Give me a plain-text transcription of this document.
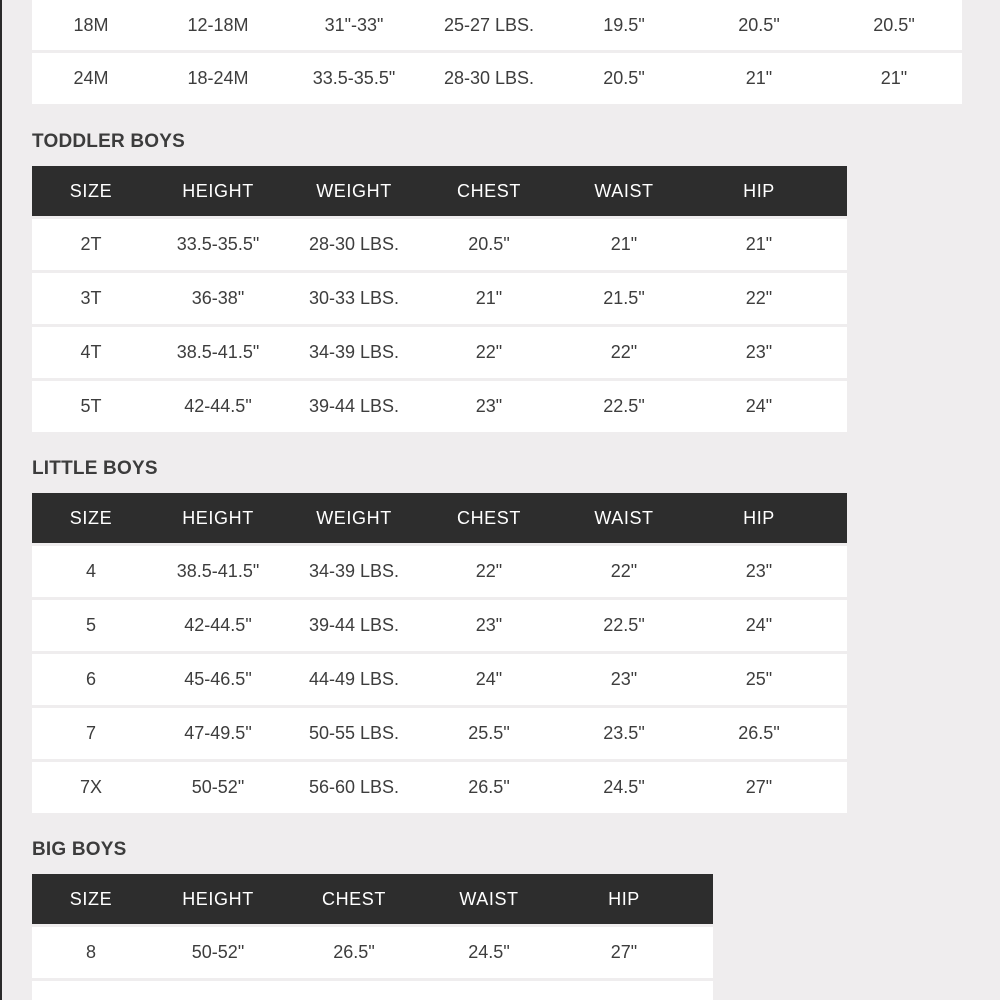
18M	12-18M	31"-33"	25-27 LBS.	19.5"	20.5"	20.5"
24M	18-24M	33.5-35.5"	28-30 LBS.	20.5"	21"	21"
TODDLER BOYS
SIZE	HEIGHT	WEIGHT	CHEST	WAIST	HIP
2T	33.5-35.5"	28-30 LBS.	20.5"	21"	21"
3T	36-38"	30-33 LBS.	21"	21.5"	22"
4T	38.5-41.5"	34-39 LBS.	22"	22"	23"
5T	42-44.5"	39-44 LBS.	23"	22.5"	24"
LITTLE BOYS
SIZE	HEIGHT	WEIGHT	CHEST	WAIST	HIP
4	38.5-41.5"	34-39 LBS.	22"	22"	23"
5	42-44.5"	39-44 LBS.	23"	22.5"	24"
6	45-46.5"	44-49 LBS.	24"	23"	25"
7	47-49.5"	50-55 LBS.	25.5"	23.5"	26.5"
7X	50-52"	56-60 LBS.	26.5"	24.5"	27"
BIG BOYS
SIZE	HEIGHT	CHEST	WAIST	HIP
8	50-52"	26.5"	24.5"	27"
